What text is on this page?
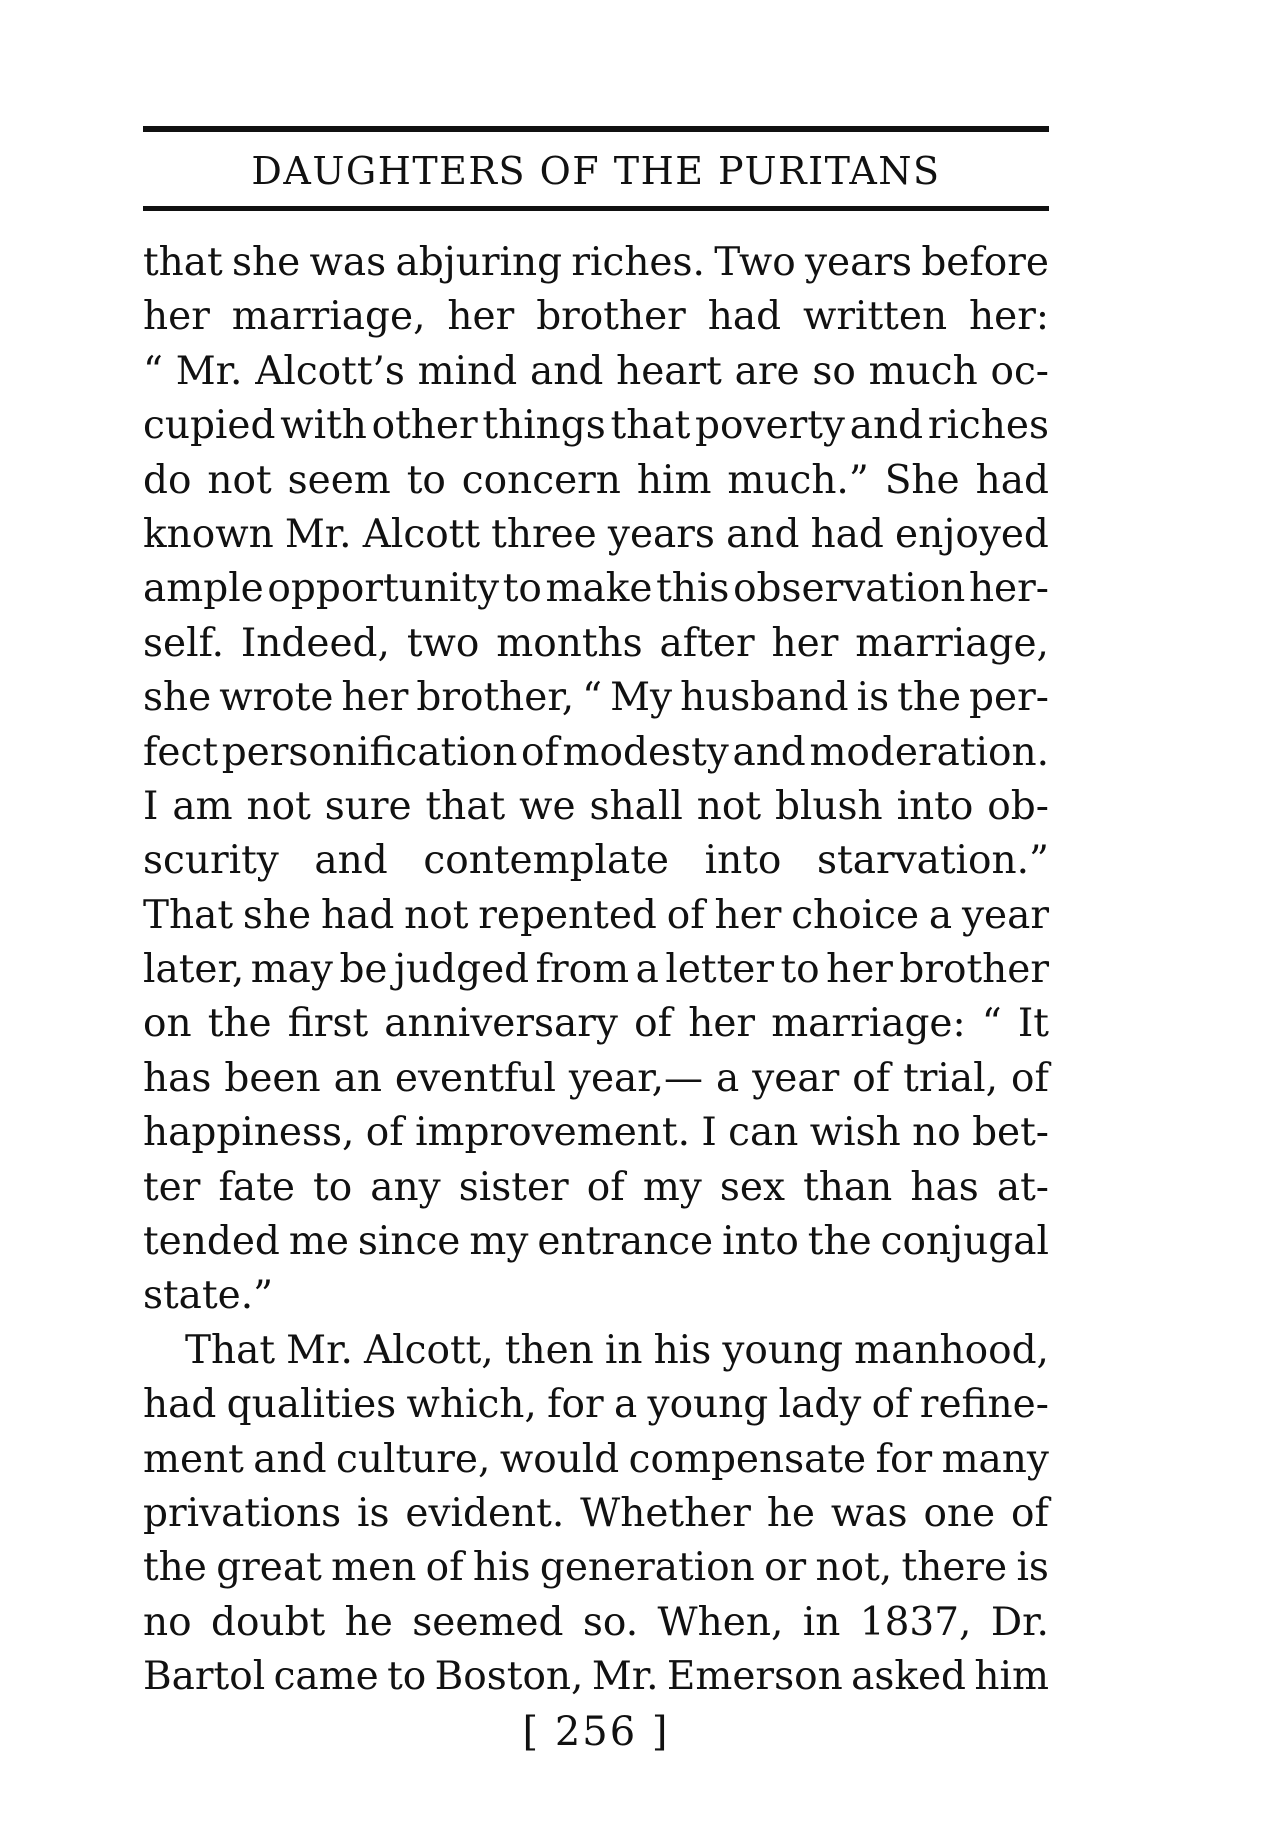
DAUGHTERS OF THE PURITANS
that she was abjuring riches. Two years before
her marriage, her brother had written her:
“ Mr. Alcott’s mind and heart are so much oc-
cupied with other things that poverty and riches
do not seem to concern him much.” She had
known Mr. Alcott three years and had enjoyed
ample opportunity to make this observation her-
self. Indeed, two months after her marriage,
she wrote her brother, “ My husband is the per-
fect personification of modesty and moderation.
I am not sure that we shall not blush into ob-
scurity and contemplate into starvation.”
That she had not repented of her choice a year
later, may be judged from a letter to her brother
on the first anniversary of her marriage: “ It
has been an eventful year,— a year of trial, of
happiness, of improvement. I can wish no bet-
ter fate to any sister of my sex than has at-
tended me since my entrance into the conjugal
state.”
That Mr. Alcott, then in his young manhood,
had qualities which, for a young lady of refine-
ment and culture, would compensate for many
privations is evident. Whether he was one of
the great men of his generation or not, there is
no doubt he seemed so. When, in 1837, Dr.
Bartol came to Boston, Mr. Emerson asked him
[ 256 ]
